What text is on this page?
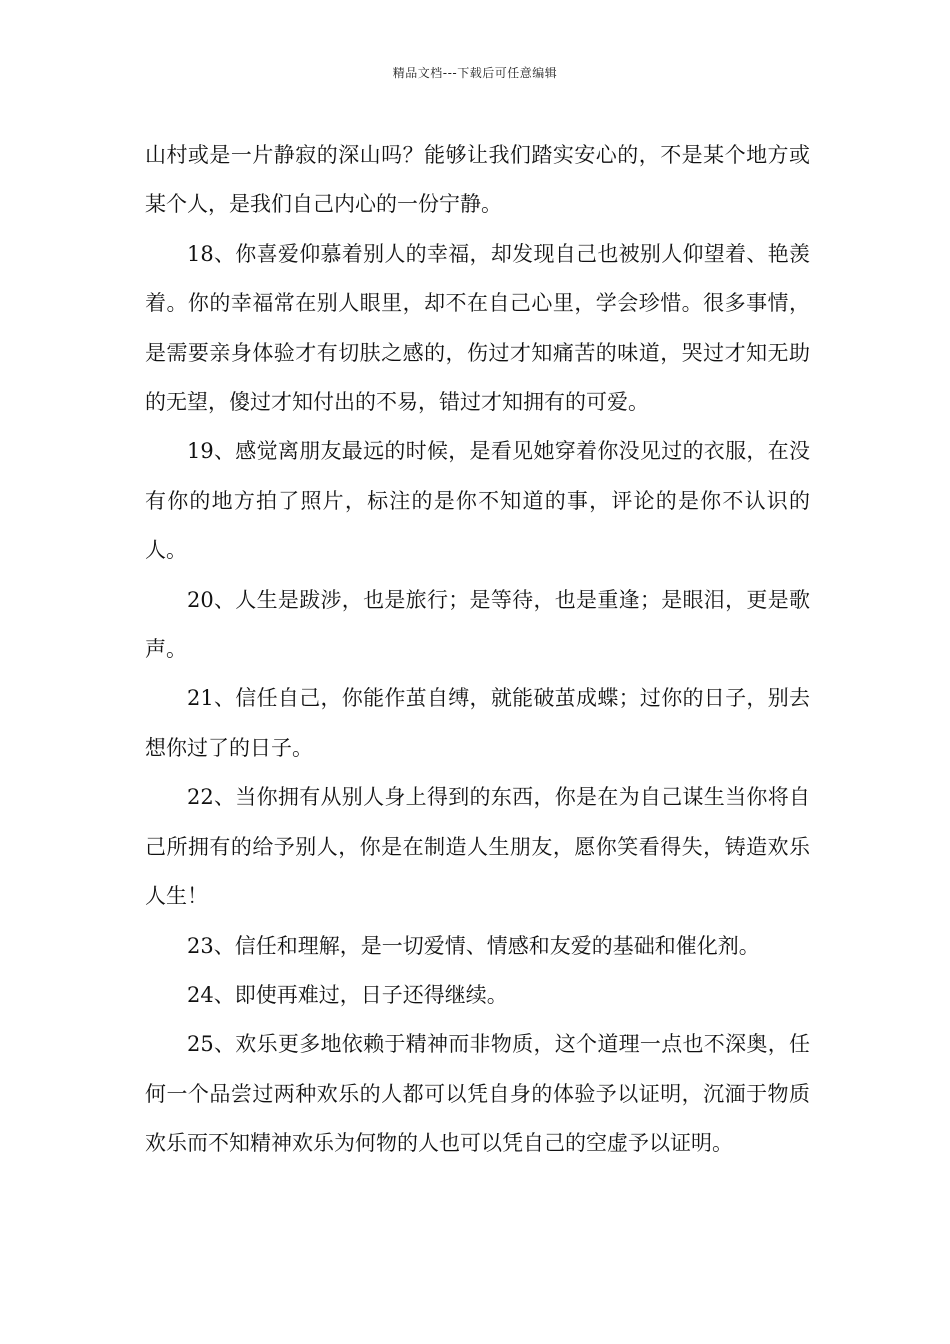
精品文档---下载后可任意编辑

山村或是一片静寂的深山吗？能够让我们踏实安心的，不是某个地方或某个人，是我们自己内心的一份宁静。

18、你喜爱仰慕着别人的幸福，却发现自己也被别人仰望着、艳羡着。你的幸福常在别人眼里，却不在自己心里，学会珍惜。很多事情，是需要亲身体验才有切肤之感的，伤过才知痛苦的味道，哭过才知无助的无望，傻过才知付出的不易，错过才知拥有的可爱。

19、感觉离朋友最远的时候，是看见她穿着你没见过的衣服，在没有你的地方拍了照片，标注的是你不知道的事，评论的是你不认识的人。

20、人生是跋涉，也是旅行；是等待，也是重逢；是眼泪，更是歌声。

21、信任自己，你能作茧自缚，就能破茧成蝶；过你的日子，别去想你过了的日子。

22、当你拥有从别人身上得到的东西，你是在为自己谋生当你将自己所拥有的给予别人，你是在制造人生朋友，愿你笑看得失，铸造欢乐人生！

23、信任和理解，是一切爱情、情感和友爱的基础和催化剂。

24、即使再难过，日子还得继续。

25、欢乐更多地依赖于精神而非物质，这个道理一点也不深奥，任何一个品尝过两种欢乐的人都可以凭自身的体验予以证明，沉湎于物质欢乐而不知精神欢乐为何物的人也可以凭自己的空虚予以证明。
